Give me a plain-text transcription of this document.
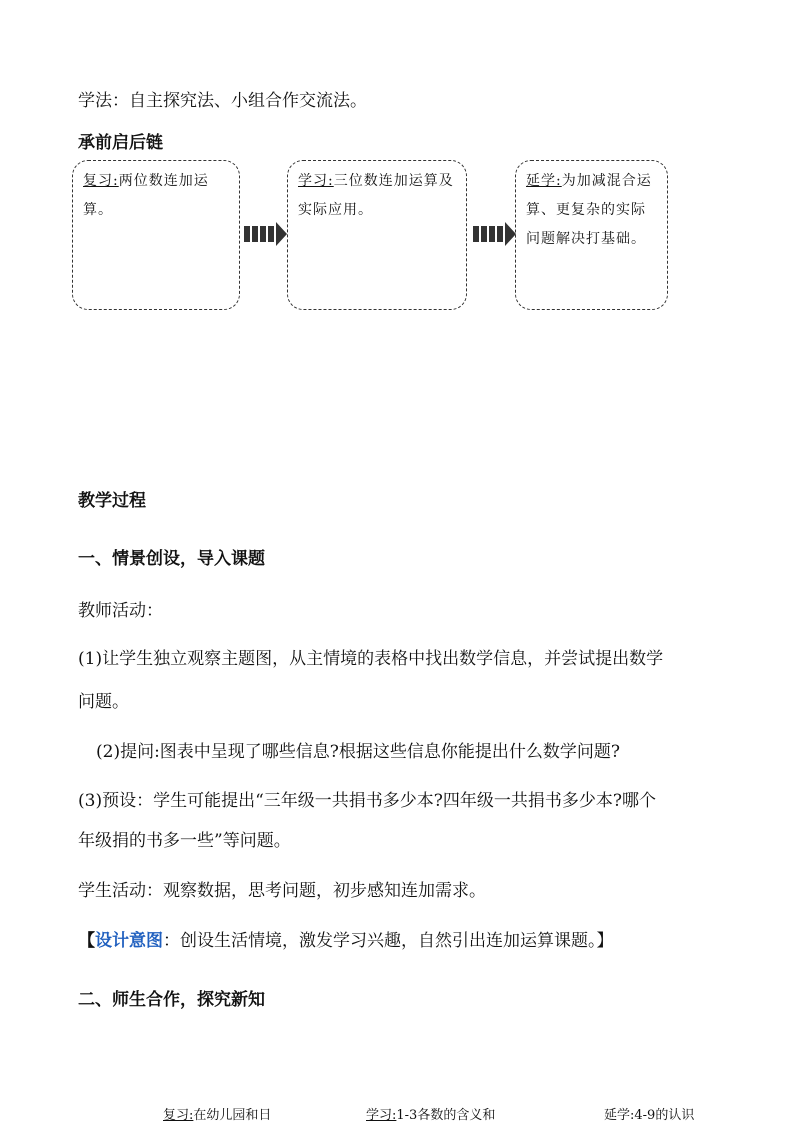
学法：自主探究法、小组合作交流法。
承前启后链
复习:两位数连加运算。
学习:三位数连加运算及实际应用。
延学:为加减混合运算、更复杂的实际问题解决打基础。
教学过程
一、情景创设，导入课题
教师活动：
(1)让学生独立观察主题图，从主情境的表格中找出数学信息，并尝试提出数学
问题。
(2)提问:图表中呈现了哪些信息?根据这些信息你能提出什么数学问题?
(3)预设：学生可能提出“三年级一共捐书多少本?四年级一共捐书多少本?哪个
年级捐的书多一些”等问题。
学生活动：观察数据，思考问题，初步感知连加需求。
【设计意图：创设生活情境，激发学习兴趣，自然引出连加运算课题。】
二、师生合作，探究新知
复习:在幼儿园和日	学习:1-3各数的含义和	延学:4-9的认识
